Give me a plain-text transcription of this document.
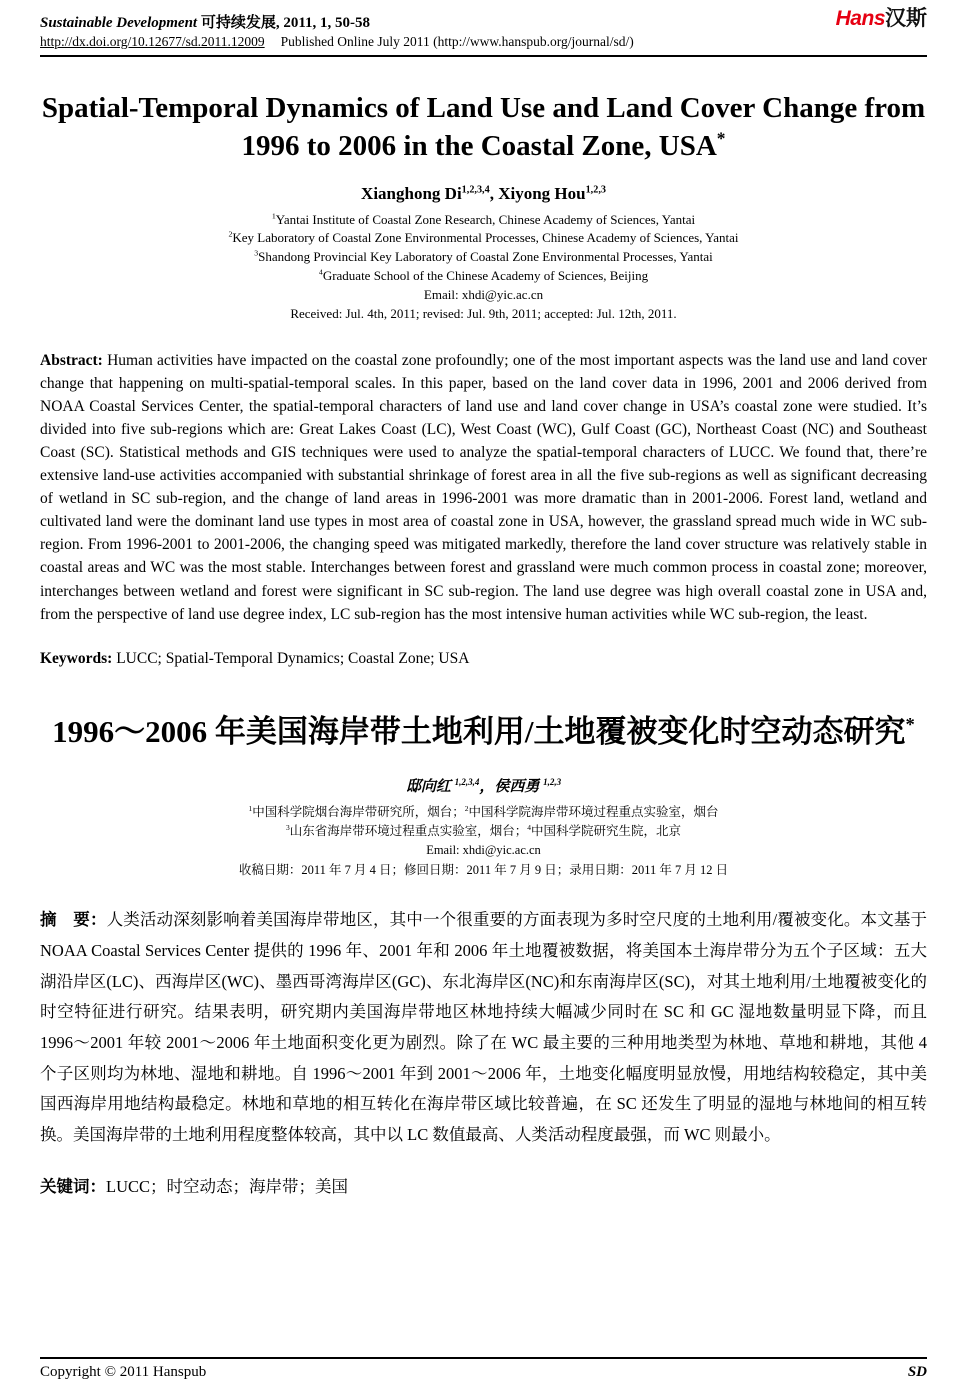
Sustainable Development 可持续发展, 2011, 1, 50-58	Hans汉斯
http://dx.doi.org/10.12677/sd.2011.12009 Published Online July 2011 (http://www.hanspub.org/journal/sd/)
Spatial-Temporal Dynamics of Land Use and Land Cover Change from 1996 to 2006 in the Coastal Zone, USA*
Xianghong Di$^{1,2,3,4}$, Xiyong Hou$^{1,2,3}$
$^1$Yantai Institute of Coastal Zone Research, Chinese Academy of Sciences, Yantai
$^2$Key Laboratory of Coastal Zone Environmental Processes, Chinese Academy of Sciences, Yantai
$^3$Shandong Provincial Key Laboratory of Coastal Zone Environmental Processes, Yantai
$^4$Graduate School of the Chinese Academy of Sciences, Beijing
Email: xhdi@yic.ac.cn
Received: Jul. 4th, 2011; revised: Jul. 9th, 2011; accepted: Jul. 12th, 2011.

Abstract: Human activities have impacted on the coastal zone profoundly; one of the most important aspects was the land use and land cover change that happening on multi-spatial-temporal scales. In this paper, based on the land cover data in 1996, 2001 and 2006 derived from NOAA Coastal Services Center, the spatial-temporal characters of land use and land cover change in USA’s coastal zone were studied. It’s divided into five sub-regions which are: Great Lakes Coast (LC), West Coast (WC), Gulf Coast (GC), Northeast Coast (NC) and Southeast Coast (SC). Statistical methods and GIS techniques were used to analyze the spatial-temporal characters of LUCC. We found that, there’re extensive land-use activities accompanied with substantial shrinkage of forest area in all the five sub-regions as well as significant decreasing of wetland in SC sub-region, and the change of land areas in 1996-2001 was more dramatic than in 2001-2006. Forest land, wetland and cultivated land were the dominant land use types in most area of coastal zone in USA, however, the grassland spread much wide in WC sub-region. From 1996-2001 to 2001-2006, the changing speed was mitigated markedly, therefore the land cover structure was relatively stable in coastal areas and WC was the most stable. Interchanges between forest and grassland were much common process in coastal zone; moreover, interchanges between wetland and forest were significant in SC sub-region. The land use degree was high overall coastal zone in USA and, from the perspective of land use degree index, LC sub-region has the most intensive human activities while WC sub-region, the least.

Keywords: LUCC; Spatial-Temporal Dynamics; Coastal Zone; USA

1996～2006 年美国海岸带土地利用/土地覆被变化时空动态研究*
邸向红 $^{1,2,3,4}$，侯西勇 $^{1,2,3}$
$^1$中国科学院烟台海岸带研究所，烟台；$^2$中国科学院海岸带环境过程重点实验室，烟台
$^3$山东省海岸带环境过程重点实验室，烟台；$^4$中国科学院研究生院，北京
Email: xhdi@yic.ac.cn
收稿日期：2011 年 7 月 4 日；修回日期：2011 年 7 月 9 日；录用日期：2011 年 7 月 12 日

摘　要：人类活动深刻影响着美国海岸带地区，其中一个很重要的方面表现为多时空尺度的土地利用/覆被变化。本文基于 NOAA Coastal Services Center 提供的 1996 年、2001 年和 2006 年土地覆被数据，将美国本土海岸带分为五个子区域：五大湖沿岸区(LC)、西海岸区(WC)、墨西哥湾海岸区(GC)、东北海岸区(NC)和东南海岸区(SC)，对其土地利用/土地覆被变化的时空特征进行研究。结果表明，研究期内美国海岸带地区林地持续大幅减少同时在 SC 和 GC 湿地数量明显下降，而且 1996～2001 年较 2001～2006 年土地面积变化更为剧烈。除了在 WC 最主要的三种用地类型为林地、草地和耕地，其他 4 个子区则均为林地、湿地和耕地。自 1996～2001 年到 2001～2006 年，土地变化幅度明显放慢，用地结构较稳定，其中美国西海岸用地结构最稳定。林地和草地的相互转化在海岸带区域比较普遍，在 SC 还发生了明显的湿地与林地间的相互转换。美国海岸带的土地利用程度整体较高，其中以 LC 数值最高、人类活动程度最强，而 WC 则最小。

关键词：LUCC；时空动态；海岸带；美国

Copyright © 2011 Hanspub	SD
